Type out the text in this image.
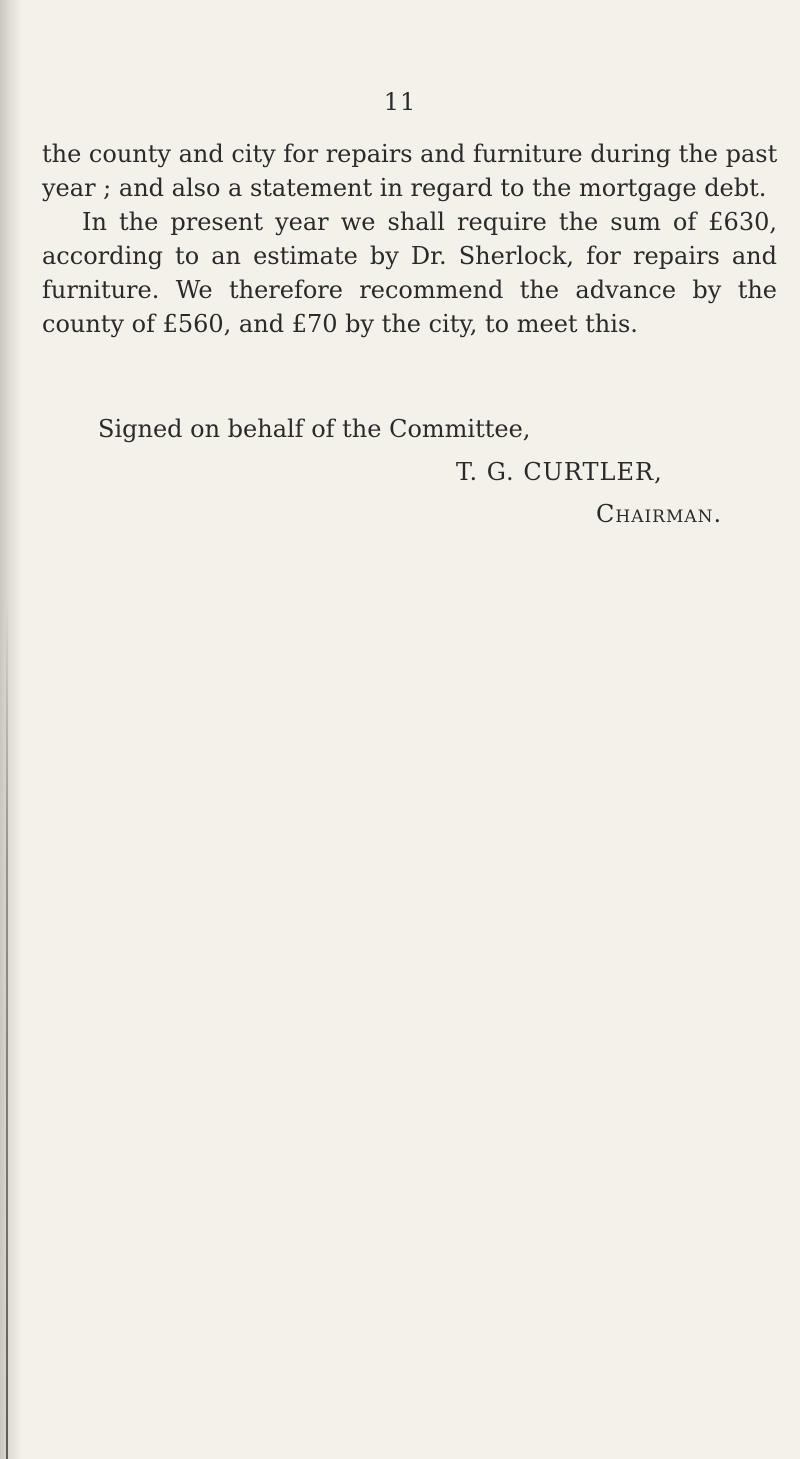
11
the county and city for repairs and furniture during the past
year ; and also a statement in regard to the mortgage debt.
In the present year we shall require the sum of £630,
according to an estimate by Dr. Sherlock, for repairs and
furniture. We therefore recommend the advance by the
county of £560, and £70 by the city, to meet this.
Signed on behalf of the Committee,
T. G. CURTLER,
Chairman.
